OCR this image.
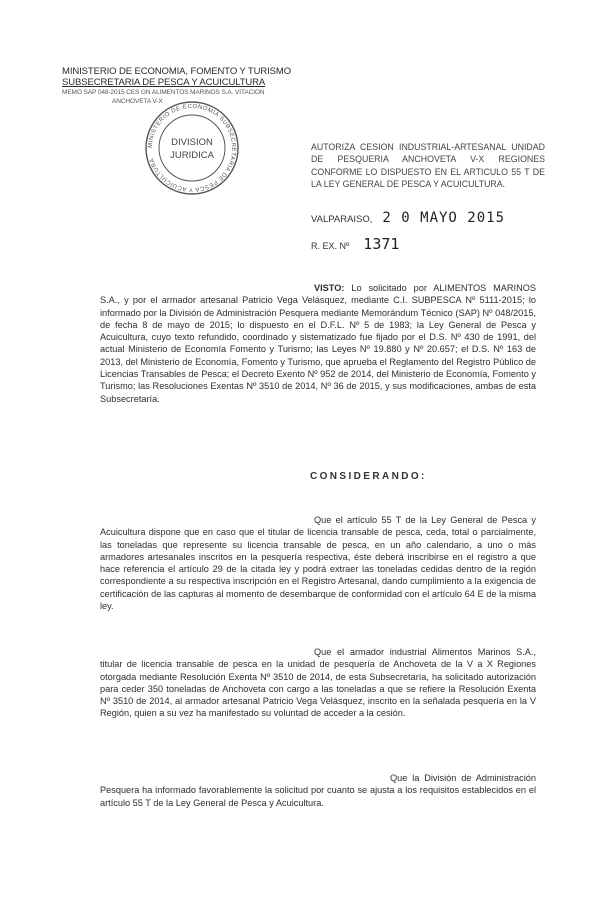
MINISTERIO DE ECONOMIA, FOMENTO Y TURISMO
SUBSECRETARIA DE PESCA Y ACUICULTURA
MEMO SAP 048-2015 CES GN ALIMENTOS MARINOS S.A. VITACION
ANCHOVETA V-X
MINISTERIO DE ECONOMIA SUBSECRETARIA DE PESCA Y ACUICULTURA
DIVISION
JURIDICA
AUTORIZA CESION INDUSTRIAL-ARTESANAL UNIDAD DE PESQUERIA ANCHOVETA V-X REGIONES CONFORME LO DISPUESTO EN EL ARTICULO 55 T DE LA LEY GENERAL DE PESCA Y ACUICULTURA.
VALPARAISO, 2 0 MAYO 2015
R. EX. Nº 1371
VISTO: Lo solicitado por ALIMENTOS MARINOS S.A., y por el armador artesanal Patricio Vega Velásquez, mediante C.I. SUBPESCA Nº 5111-2015; lo informado por la División de Administración Pesquera mediante Memorándum Técnico (SAP) Nº 048/2015, de fecha 8 de mayo de 2015; lo dispuesto en el D.F.L. Nº 5 de 1983; la Ley General de Pesca y Acuicultura, cuyo texto refundido, coordinado y sistematizado fue fijado por el D.S. Nº 430 de 1991, del actual Ministerio de Economía Fomento y Turismo; las Leyes Nº 19.880 y Nº 20.657; el D.S. Nº 163 de 2013, del Ministerio de Economía, Fomento y Turismo, que aprueba el Reglamento del Registro Público de Licencias Transables de Pesca; el Decreto Exento Nº 952 de 2014, del Ministerio de Economía, Fomento y Turismo; las Resoluciones Exentas Nº 3510 de 2014, Nº 36 de 2015, y sus modificaciones, ambas de esta Subsecretaría.
CONSIDERANDO:
Que el artículo 55 T de la Ley General de Pesca y Acuicultura dispone que en caso que el titular de licencia transable de pesca, ceda, total o parcialmente, las toneladas que represente su licencia transable de pesca, en un año calendario, a uno o más armadores artesanales inscritos en la pesquería respectiva, éste deberá inscribirse en el registro a que hace referencia el artículo 29 de la citada ley y podrá extraer las toneladas cedidas dentro de la región correspondiente a su respectiva inscripción en el Registro Artesanal, dando cumplimiento a la exigencia de certificación de las capturas al momento de desembarque de conformidad con el artículo 64 E de la misma ley.
Que el armador industrial Alimentos Marinos S.A., titular de licencia transable de pesca en la unidad de pesquería de Anchoveta de la V a X Regiones otorgada mediante Resolución Exenta Nº 3510 de 2014, de esta Subsecretaría, ha solicitado autorización para ceder 350 toneladas de Anchoveta con cargo a las toneladas a que se refiere la Resolución Exenta Nº 3510 de 2014, al armador artesanal Patricio Vega Velásquez, inscrito en la señalada pesquería en la V Región, quien a su vez ha manifestado su voluntad de acceder a la cesión.
Que la División de Administración Pesquera ha informado favorablemente la solicitud por cuanto se ajusta a los requisitos establecidos en el artículo 55 T de la Ley General de Pesca y Acuicultura.
